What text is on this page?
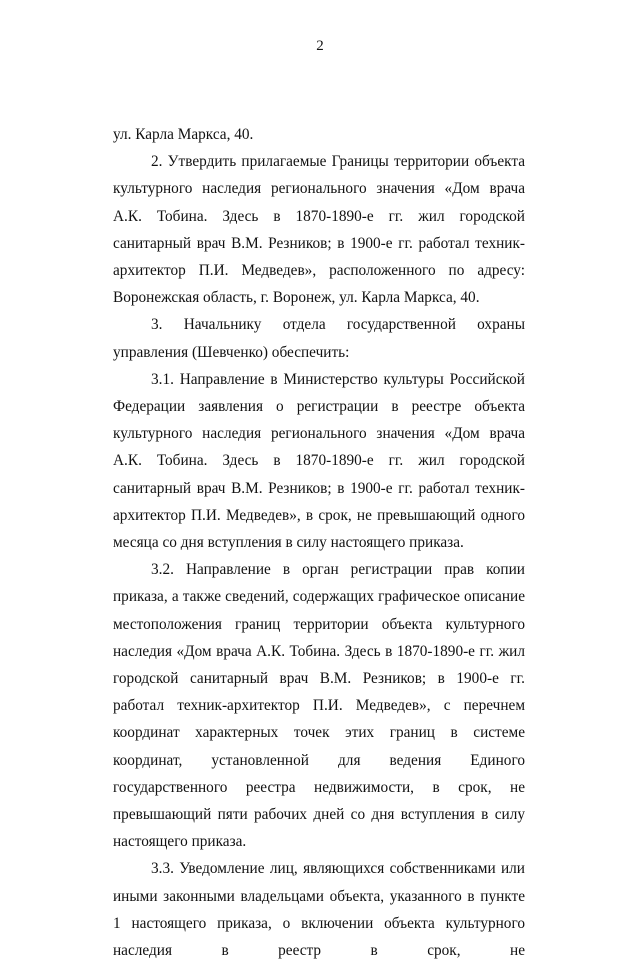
2

ул. Карла Маркса, 40.

2. Утвердить прилагаемые Границы территории объекта культурного наследия регионального значения «Дом врача А.К. Тобина. Здесь в 1870-1890-е гг. жил городской санитарный врач В.М. Резников; в 1900-е гг. работал техник-архитектор П.И. Медведев», расположенного по адресу: Воронежская область, г. Воронеж, ул. Карла Маркса, 40.

3. Начальнику отдела государственной охраны управления (Шевченко) обеспечить:

3.1. Направление в Министерство культуры Российской Федерации заявления о регистрации в реестре объекта культурного наследия регионального значения «Дом врача А.К. Тобина. Здесь в 1870-1890-е гг. жил городской санитарный врач В.М. Резников; в 1900-е гг. работал техник-архитектор П.И. Медведев», в срок, не превышающий одного месяца со дня вступления в силу настоящего приказа.

3.2. Направление в орган регистрации прав копии приказа, а также сведений, содержащих графическое описание местоположения границ территории объекта культурного наследия «Дом врача А.К. Тобина. Здесь в 1870-1890-е гг. жил городской санитарный врач В.М. Резников; в 1900-е гг. работал техник-архитектор П.И. Медведев», с перечнем координат характерных точек этих границ в системе координат, установленной для ведения Единого государственного реестра недвижимости, в срок, не превышающий пяти рабочих дней со дня вступления в силу настоящего приказа.

3.3. Уведомление лиц, являющихся собственниками или иными законными владельцами объекта, указанного в пункте 1 настоящего приказа, о включении объекта культурного наследия в реестр в срок, не
